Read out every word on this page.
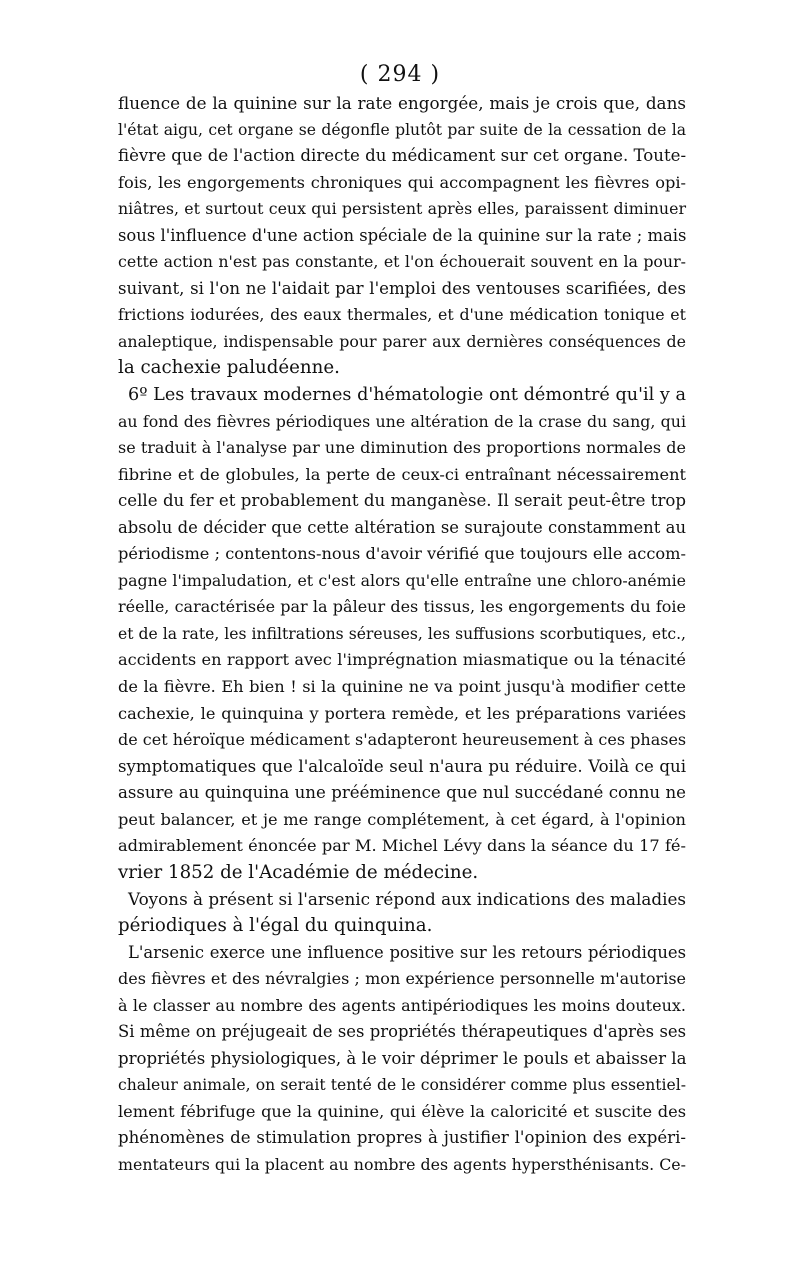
( 294 )
fluence de la quinine sur la rate engorgée, mais je crois que, dans
l'état aigu, cet organe se dégonfle plutôt par suite de la cessation de la
fièvre que de l'action directe du médicament sur cet organe. Toute-
fois, les engorgements chroniques qui accompagnent les fièvres opi-
niâtres, et surtout ceux qui persistent après elles, paraissent diminuer
sous l'influence d'une action spéciale de la quinine sur la rate ; mais
cette action n'est pas constante, et l'on échouerait souvent en la pour-
suivant, si l'on ne l'aidait par l'emploi des ventouses scarifiées, des
frictions iodurées, des eaux thermales, et d'une médication tonique et
analeptique, indispensable pour parer aux dernières conséquences de
la cachexie paludéenne.
6º Les travaux modernes d'hématologie ont démontré qu'il y a
au fond des fièvres périodiques une altération de la crase du sang, qui
se traduit à l'analyse par une diminution des proportions normales de
fibrine et de globules, la perte de ceux-ci entraînant nécessairement
celle du fer et probablement du manganèse. Il serait peut-être trop
absolu de décider que cette altération se surajoute constamment au
périodisme ; contentons-nous d'avoir vérifié que toujours elle accom-
pagne l'impaludation, et c'est alors qu'elle entraîne une chloro-anémie
réelle, caractérisée par la pâleur des tissus, les engorgements du foie
et de la rate, les infiltrations séreuses, les suffusions scorbutiques, etc.,
accidents en rapport avec l'imprégnation miasmatique ou la ténacité
de la fièvre. Eh bien ! si la quinine ne va point jusqu'à modifier cette
cachexie, le quinquina y portera remède, et les préparations variées
de cet héroïque médicament s'adapteront heureusement à ces phases
symptomatiques que l'alcaloïde seul n'aura pu réduire. Voilà ce qui
assure au quinquina une prééminence que nul succédané connu ne
peut balancer, et je me range complétement, à cet égard, à l'opinion
admirablement énoncée par M. Michel Lévy dans la séance du 17 fé-
vrier 1852 de l'Académie de médecine.
Voyons à présent si l'arsenic répond aux indications des maladies
périodiques à l'égal du quinquina.
L'arsenic exerce une influence positive sur les retours périodiques
des fièvres et des névralgies ; mon expérience personnelle m'autorise
à le classer au nombre des agents antipériodiques les moins douteux.
Si même on préjugeait de ses propriétés thérapeutiques d'après ses
propriétés physiologiques, à le voir déprimer le pouls et abaisser la
chaleur animale, on serait tenté de le considérer comme plus essentiel-
lement fébrifuge que la quinine, qui élève la caloricité et suscite des
phénomènes de stimulation propres à justifier l'opinion des expéri-
mentateurs qui la placent au nombre des agents hypersthénisants. Ce-
